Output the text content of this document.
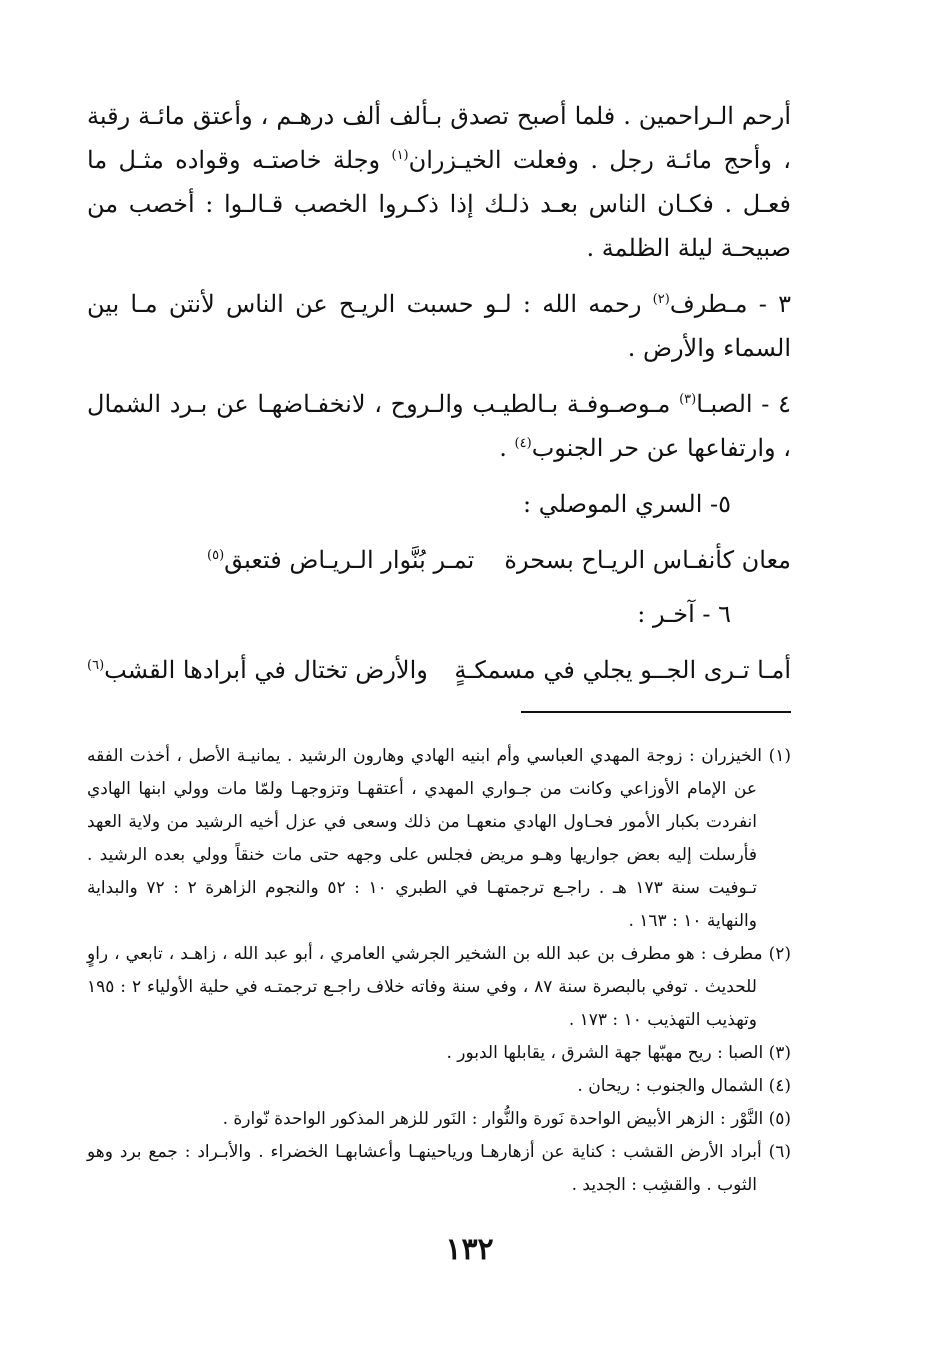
أرحم الـراحمين . فلما أصبح تصدق بـألف ألف درهـم ، وأعتق مائـة رقبة ، وأحج مائـة رجل . وفعلت الخيـزران$^{(١)}$ وجلة خاصتـه وقواده مثـل ما فعـل . فكـان الناس بعـد ذلـك إذا ذكـروا الخصب قـالـوا : أخصب من صبيحـة ليلة الظلمة .

٣ - مـطرف$^{(٢)}$ رحمه الله : لـو حسبت الريـح عن الناس لأنتن مـا بين السماء والأرض .

٤ - الصبـا$^{(٣)}$ مـوصـوفـة بـالطيـب والـروح ، لانخفـاضهـا عن بـرد الشمال ، وارتفاعها عن حر الجنوب$^{(٤)}$ .

٥- السري الموصلي :

معان كأنفـاس الريـاح بسحرة
تمـر بُنَّوار الـريـاض فتعبق$^{(٥)}$

٦ - آخـر :

أمـا تـرى الجــو يجلي في مسمكـةٍ
والأرض تختال في أبرادها القشب$^{(٦)}$

(١) الخيزران : زوجة المهدي العباسي وأم ابنيه الهادي وهارون الرشيد . يمانيـة الأصل ، أخذت الفقه عن الإمام الأوزاعي وكانت من جـواري المهدي ، أعتقهـا وتزوجهـا ولمّا مات وولي ابنها الهادي انفردت بكبار الأمور فحـاول الهادي منعهـا من ذلك وسعى في عزل أخيه الرشيد من ولاية العهد فأرسلت إليه بعض جواريها وهـو مريض فجلس على وجهه حتى مات خنقاً وولي بعده الرشيد . تـوفيت سنة ١٧٣ هـ . راجـع ترجمتهـا في الطبري ١٠ : ٥٢ والنجوم الزاهرة ٢ : ٧٢ والبداية والنهاية ١٠ : ١٦٣ .

(٢) مطرف : هو مطرف بن عبد الله بن الشخير الجرشي العامري ، أبو عبد الله ، زاهـد ، تابعي ، راوٍ للحديث . توفي بالبصرة سنة ٨٧ ، وفي سنة وفاته خلاف راجـع ترجمتـه في حلية الأولياء ٢ : ١٩٥ وتهذيب التهذيب ١٠ : ١٧٣ .

(٣) الصبا : ريح مهبّها جهة الشرق ، يقابلها الدبور .

(٤) الشمال والجنوب : ريحان .

(٥) النَّوْر : الزهر الأبيض الواحدة نَورة والنُّوار : النَور للزهر المذكور الواحدة نّوارة .

(٦) أبراد الأرض القشب : كناية عن أزهارهـا ورياحينهـا وأعشابهـا الخضراء . والأبـراد : جمع برد وهو الثوب . والقشِب : الجديد .

١٣٢
